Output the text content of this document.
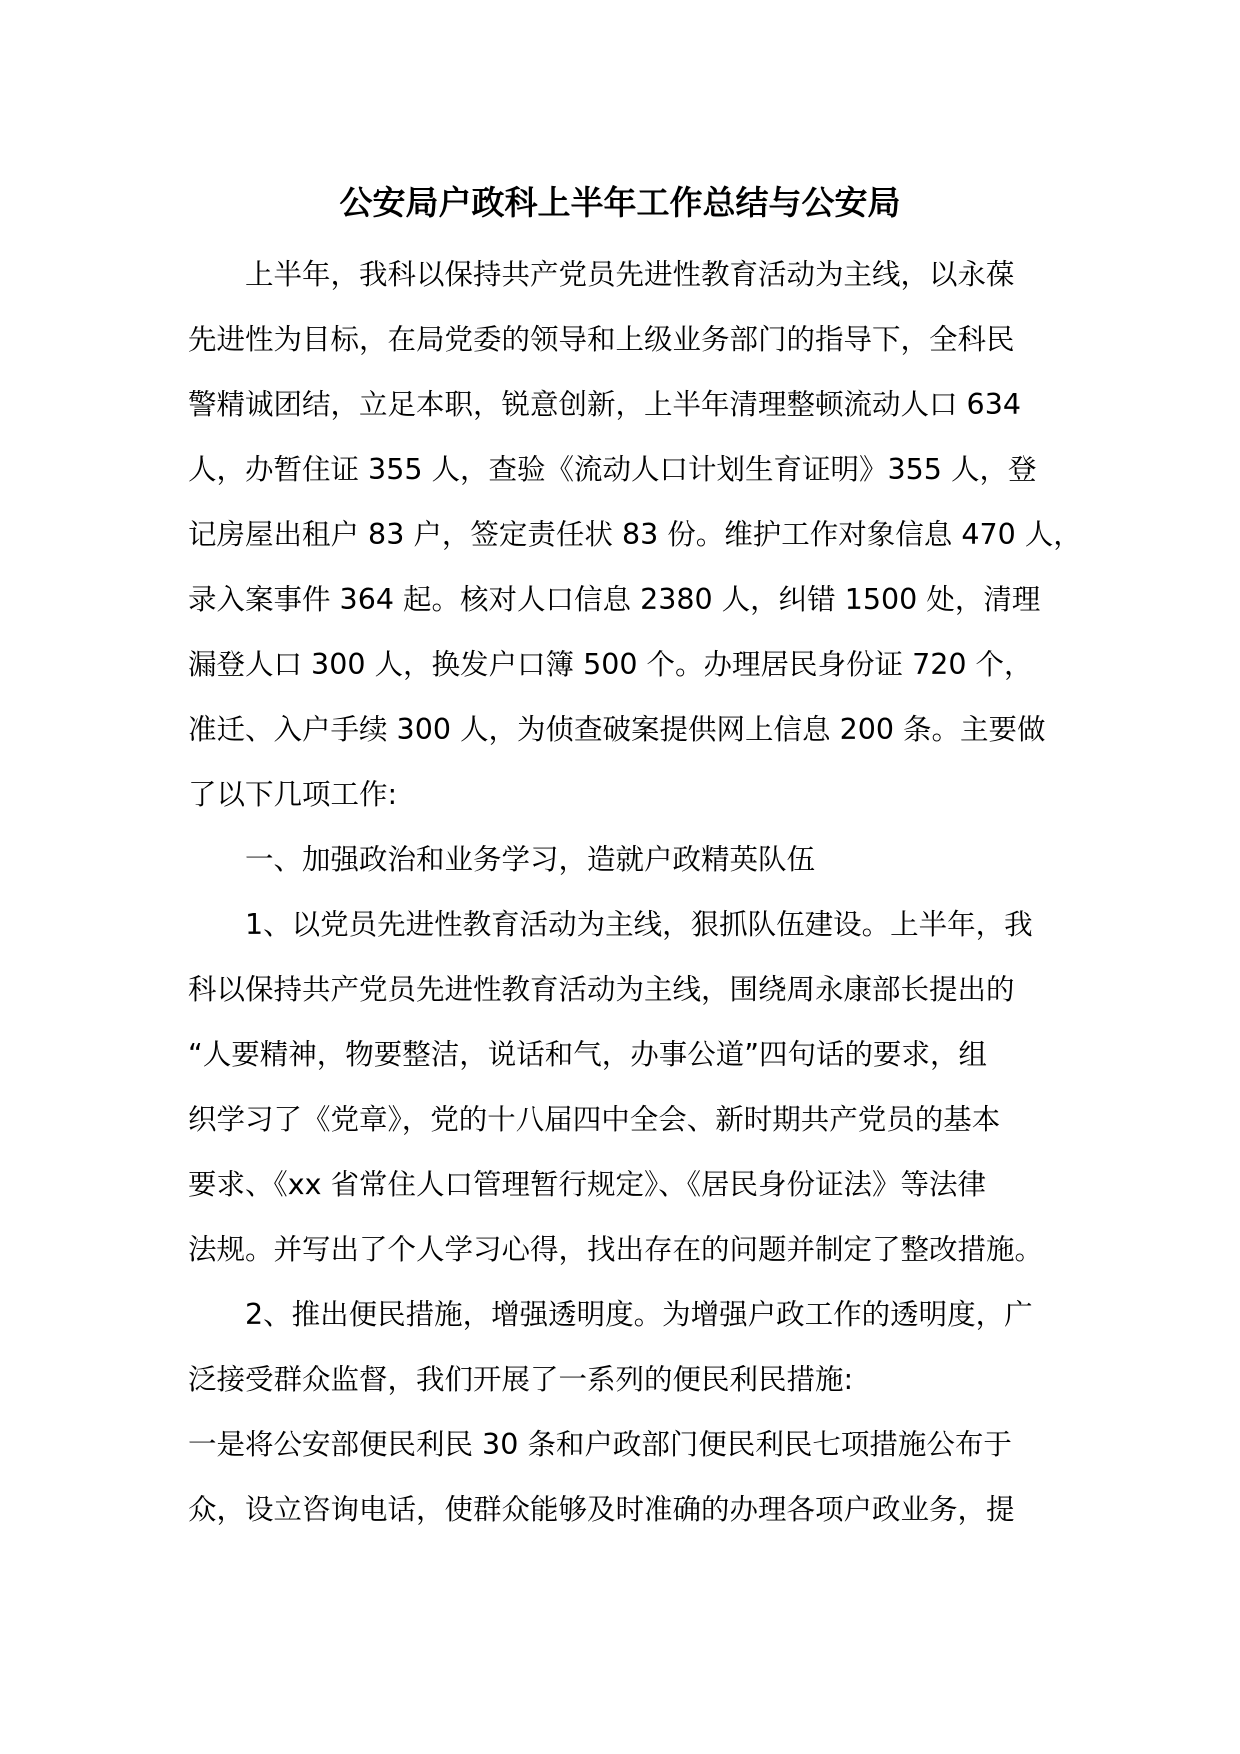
公安局户政科上半年工作总结与公安局

上半年，我科以保持共产党员先进性教育活动为主线，以永葆
先进性为目标，在局党委的领导和上级业务部门的指导下，全科民
警精诚团结，立足本职，锐意创新，上半年清理整顿流动人口 634
人，办暂住证 355 人，查验《流动人口计划生育证明》355 人，登
记房屋出租户 83 户，签定责任状 83 份。维护工作对象信息 470 人，
录入案事件 364 起。核对人口信息 2380 人，纠错 1500 处，清理
漏登人口 300 人，换发户口簿 500 个。办理居民身份证 720 个，
准迁、入户手续 300 人，为侦查破案提供网上信息 200 条。主要做
了以下几项工作:

一、加强政治和业务学习，造就户政精英队伍

1、以党员先进性教育活动为主线，狠抓队伍建设。上半年，我
科以保持共产党员先进性教育活动为主线，围绕周永康部长提出的
“人要精神，物要整洁，说话和气，办事公道”四句话的要求，组
织学习了《党章》，党的十八届四中全会、新时期共产党员的基本
要求、《xx 省常住人口管理暂行规定》、《居民身份证法》等法律
法规。并写出了个人学习心得，找出存在的问题并制定了整改措施。

2、推出便民措施，增强透明度。为增强户政工作的透明度，广
泛接受群众监督，我们开展了一系列的便民利民措施:

一是将公安部便民利民 30 条和户政部门便民利民七项措施公布于
众，设立咨询电话，使群众能够及时准确的办理各项户政业务，提
